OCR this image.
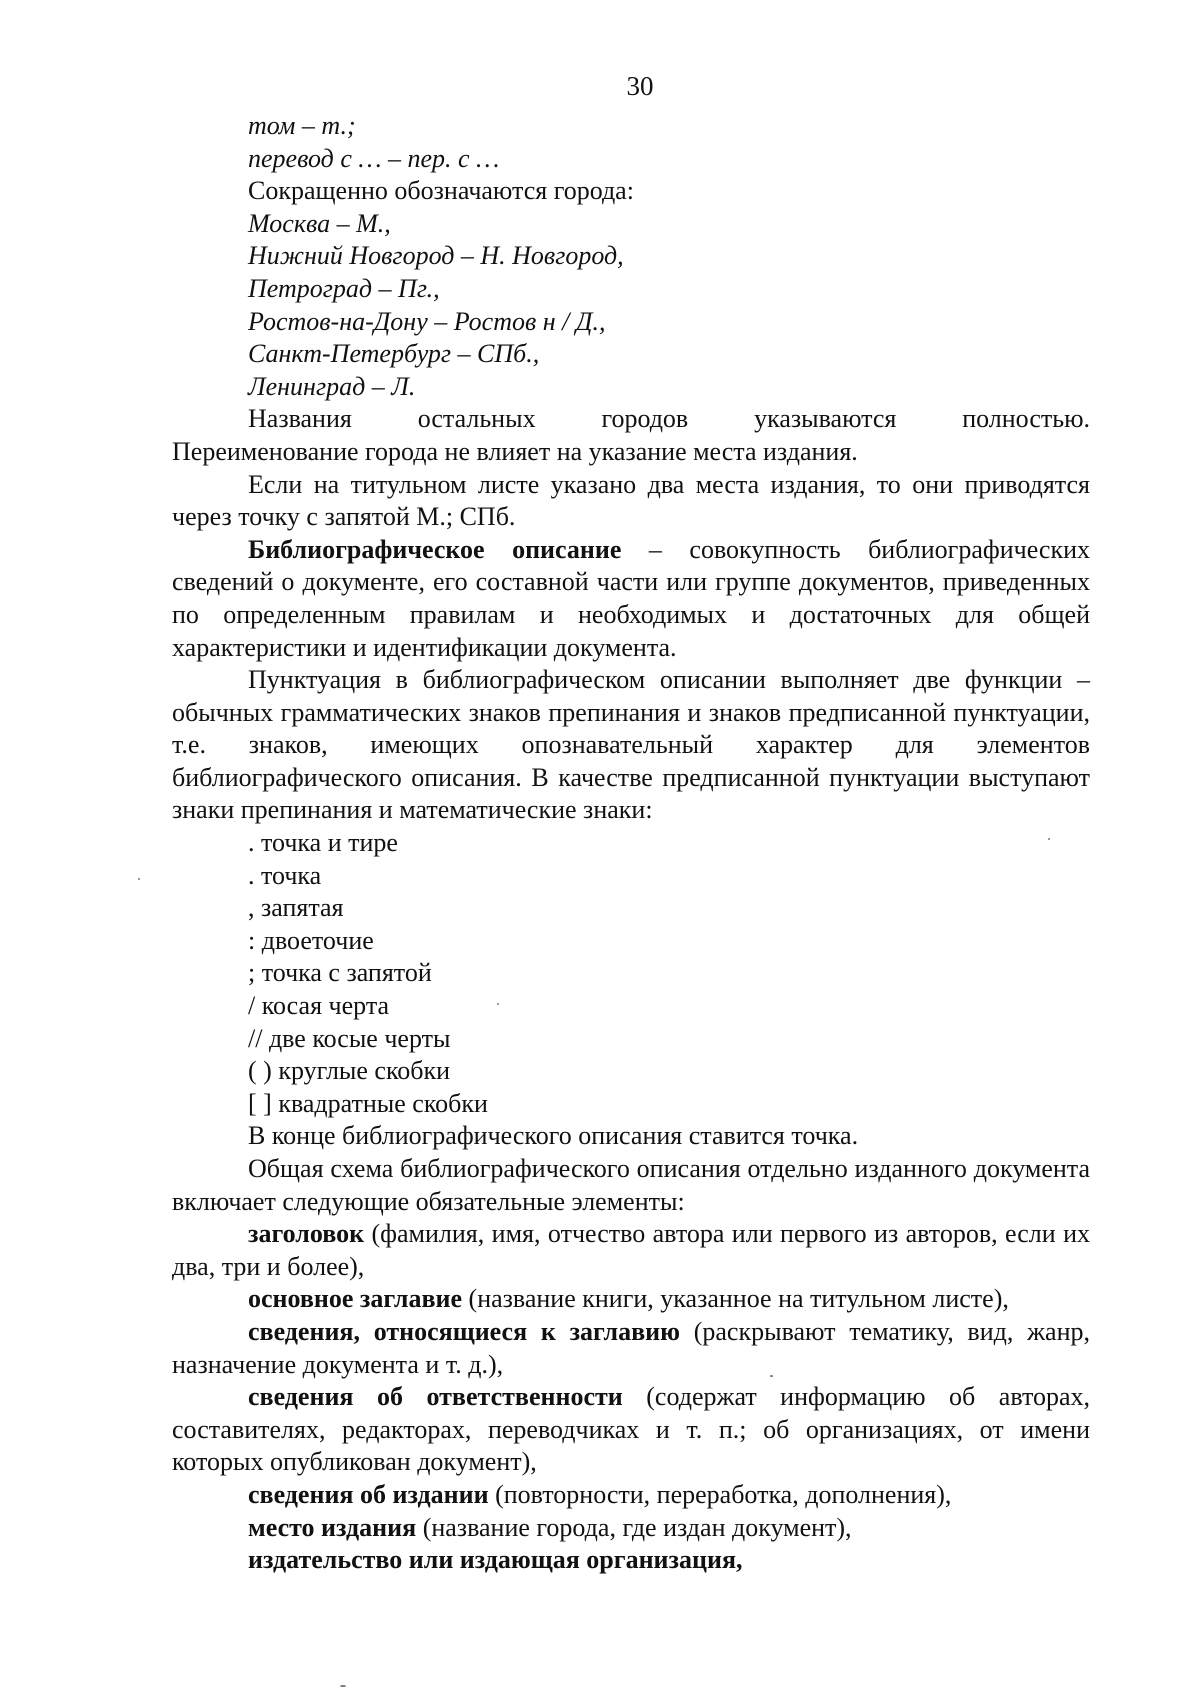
30
том – т.;
перевод с … – пер. с …
Сокращенно обозначаются города:
Москва – М.,
Нижний Новгород – Н. Новгород,
Петроград – Пг.,
Ростов-на-Дону – Ростов н / Д.,
Санкт-Петербург – СПб.,
Ленинград – Л.
Названия остальных городов указываются полностью.
Переименование города не влияет на указание места издания.

Если на титульном листе указано два места издания, то они приводятся через точку с запятой М.; СПб.

Библиографическое описание – совокупность библиографических сведений о документе, его составной части или группе документов, приведенных по определенным правилам и необходимых и достаточных для общей характеристики и идентификации документа.

Пунктуация в библиографическом описании выполняет две функции – обычных грамматических знаков препинания и знаков предписанной пунктуации, т.е. знаков, имеющих опознавательный характер для элементов библиографического описания. В качестве предписанной пунктуации выступают знаки препинания и математические знаки:

. точка и тире
. точка
, запятая
: двоеточие
; точка с запятой
/ косая черта
// две косые черты
( ) круглые скобки
[ ] квадратные скобки

В конце библиографического описания ставится точка.

Общая схема библиографического описания отдельно изданного документа включает следующие обязательные элементы:

заголовок (фамилия, имя, отчество автора или первого из авторов, если их два, три и более),

основное заглавие (название книги, указанное на титульном листе),

сведения, относящиеся к заглавию (раскрывают тематику, вид, жанр, назначение документа и т. д.),

сведения об ответственности (содержат информацию об авторах, составителях, редакторах, переводчиках и т. п.; об организациях, от имени которых опубликован документ),

сведения об издании (повторности, переработка, дополнения),

место издания (название города, где издан документ),

издательство или издающая организация,
